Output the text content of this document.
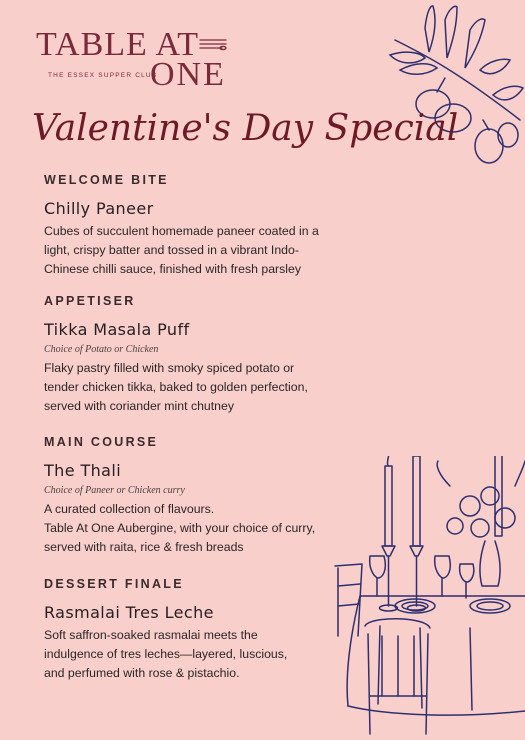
TABLE AT
ONE
THE ESSEX SUPPER CLUB
Valentine's Day Special
WELCOME BITE
Chilly Paneer
Cubes of succulent homemade paneer coated in a
light, crispy batter and tossed in a vibrant Indo-
Chinese chilli sauce, finished with fresh parsley
APPETISER
Tikka Masala Puff
Choice of Potato or Chicken
Flaky pastry filled with smoky spiced potato or
tender chicken tikka, baked to golden perfection,
served with coriander mint chutney
MAIN COURSE
The Thali
Choice of Paneer or Chicken curry
A curated collection of flavours.
Table At One Aubergine, with your choice of curry,
served with raita, rice & fresh breads
DESSERT FINALE
Rasmalai Tres Leche
Soft saffron-soaked rasmalai meets the
indulgence of tres leches—layered, luscious,
and perfumed with rose & pistachio.
